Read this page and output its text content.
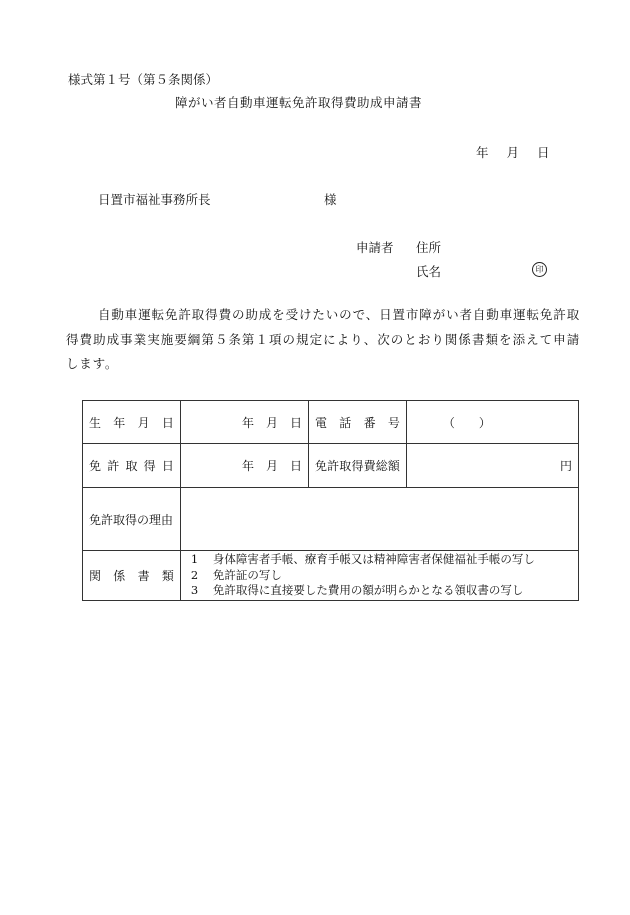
様式第１号（第５条関係）
障がい者自動車運転免許取得費助成申請書
年 月 日
日置市福祉事務所長	様
申請者 住所
氏名	印
自動車運転免許取得費の助成を受けたいので、日置市障がい者自動車運転免許取得費助成事業実施要綱第５条第１項の規定により、次のとおり関係書類を添えて申請します。
生年月日	年　月　日	電話番号	（　　）
免許取得日	年　月　日	免許取得費総額	円
免許取得の理由			
関係書類	1 身体障害者手帳、療育手帳又は精神障害者保健福祉手帳の写し
2 免許証の写し
3 免許取得に直接要した費用の額が明らかとなる領収書の写し		
